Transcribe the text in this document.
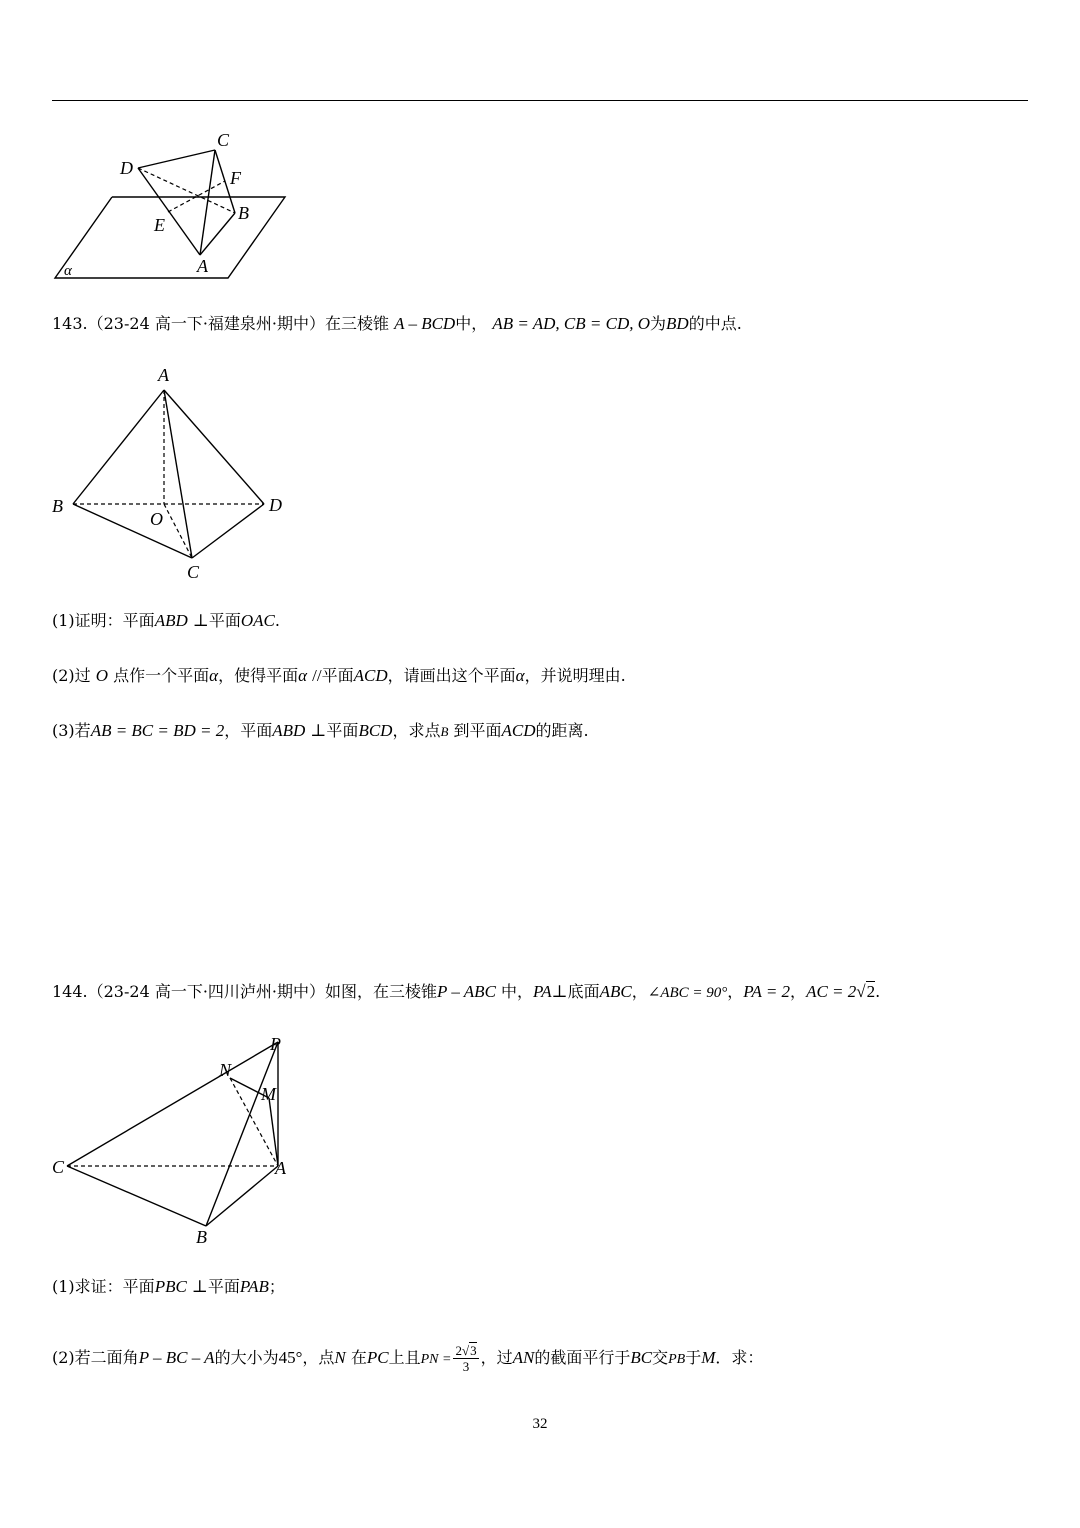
C
D	F
B
E
A
α
143.（23-24 高一下·福建泉州·期中）在三棱锥 A – BCD中， AB = AD, CB = CD, O为BD的中点.
A
B	D
O
C
(1)证明：平面ABD ⊥平面OAC.
(2)过 O 点作一个平面α，使得平面α //平面ACD，请画出这个平面α，并说明理由.
(3)若AB = BC = BD = 2，平面ABD ⊥平面BCD，求点B 到平面ACD的距离.
144.（23-24 高一下·四川泸州·期中）如图，在三棱锥P – ABC 中，PA⊥底面ABC，∠ABC = 90°，PA = 2，AC = 2√2.
P
N
M
C	A
B
(1)求证：平面PBC ⊥平面PAB；
(2)若二面角P – BC – A的大小为45°，点N 在PC上且PN = $\frac{2√3}{3}$ ，过AN的截面平行于BC交PB于M．求：
32
